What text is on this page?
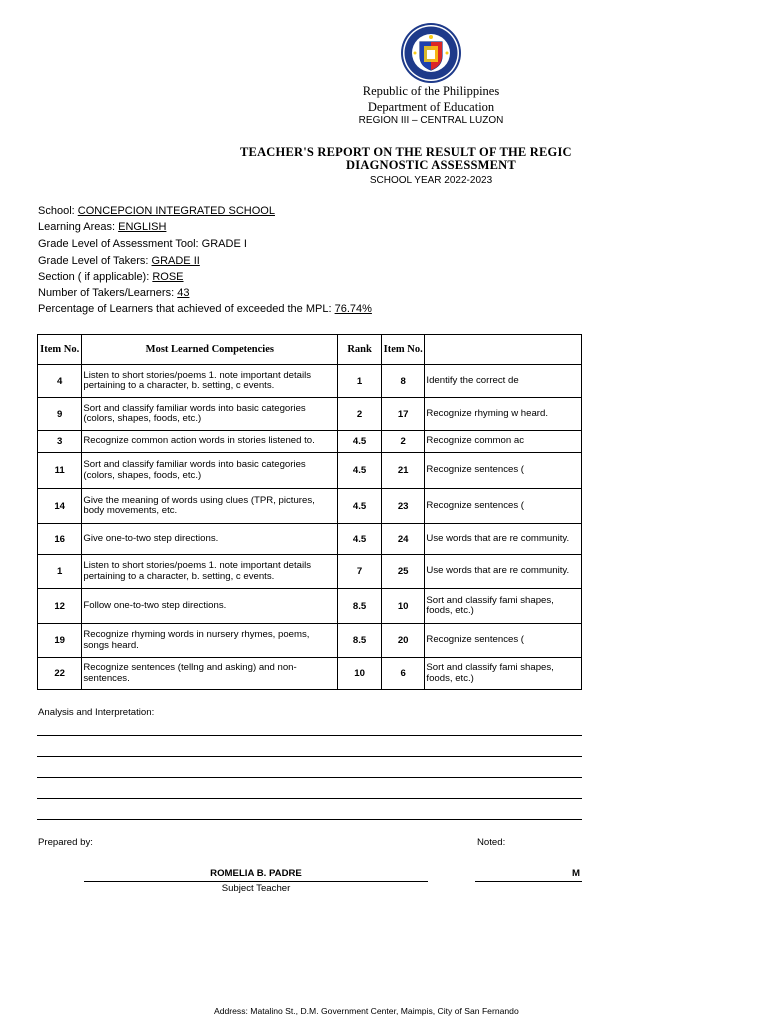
Republic of the Philippines
Department of Education
REGION III – CENTRAL LUZON
TEACHER'S REPORT ON THE RESULT OF THE REGIC
DIAGNOSTIC ASSESSMENT
SCHOOL YEAR 2022-2023
School: CONCEPCION INTEGRATED SCHOOL
Learning Areas: ENGLISH
Grade Level of Assessment Tool: GRADE I
Grade Level of Takers: GRADE II
Section ( if applicable): ROSE
Number of Takers/Learners: 43
Percentage of Learners that achieved of exceeded the MPL: 76.74%
Item No.	Most Learned Competencies	Rank	Item No.	
4	Listen to short stories/poems 1. note important details pertaining to a character, b. setting, c events.	1	8	Identify the correct de
9	Sort and classify familiar words into basic categories (colors, shapes, foods, etc.)	2	17	Recognize rhyming w heard.
3	Recognize common action words in stories listened to.	4.5	2	Recognize common ac
11	Sort and classify familiar words into basic categories (colors, shapes, foods, etc.)	4.5	21	Recognize sentences (
14	Give the meaning of words using clues (TPR, pictures, body movements, etc.	4.5	23	Recognize sentences (
16	Give one-to-two step directions.	4.5	24	Use words that are re community.
1	Listen to short stories/poems 1. note important details pertaining to a character, b. setting, c events.	7	25	Use words that are re community.
12	Follow one-to-two step directions.	8.5	10	Sort and classify fami shapes, foods, etc.)
19	Recognize rhyming words in nursery rhymes, poems, songs heard.	8.5	20	Recognize sentences (
22	Recognize sentences (tellng and asking) and non-sentences.	10	6	Sort and classify fami shapes, foods, etc.)
Analysis and Interpretation:
Prepared by:	Noted:
ROMELIA B. PADRE
Subject Teacher
M
Address: Matalino St., D.M. Government Center, Maimpis, City of San Fernando
